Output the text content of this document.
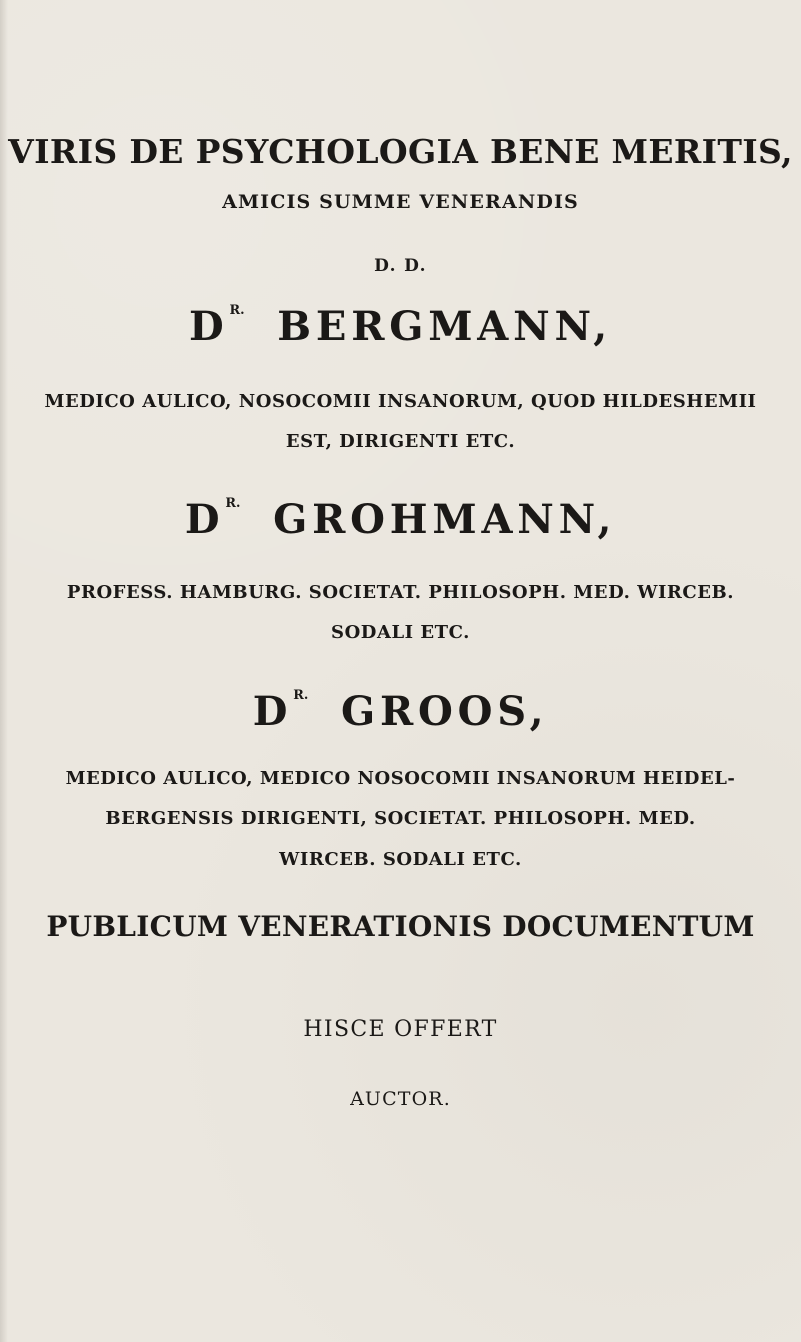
VIRIS DE PSYCHOLOGIA BENE MERITIS,
AMICIS SUMME VENERANDIS
D. D.
$D^{R.}$ BERGMANN,
MEDICO AULICO, NOSOCOMII INSANORUM, QUOD HILDESHEMII
EST, DIRIGENTI ETC.
$D^{R.}$ GROHMANN,
PROFESS. HAMBURG. SOCIETAT. PHILOSOPH. MED. WIRCEB.
SODALI ETC.
$D^{R.}$ GROOS,
MEDICO AULICO, MEDICO NOSOCOMII INSANORUM HEIDEL-
BERGENSIS DIRIGENTI, SOCIETAT. PHILOSOPH. MED.
WIRCEB. SODALI ETC.
PUBLICUM VENERATIONIS DOCUMENTUM
HISCE OFFERT
AUCTOR.
